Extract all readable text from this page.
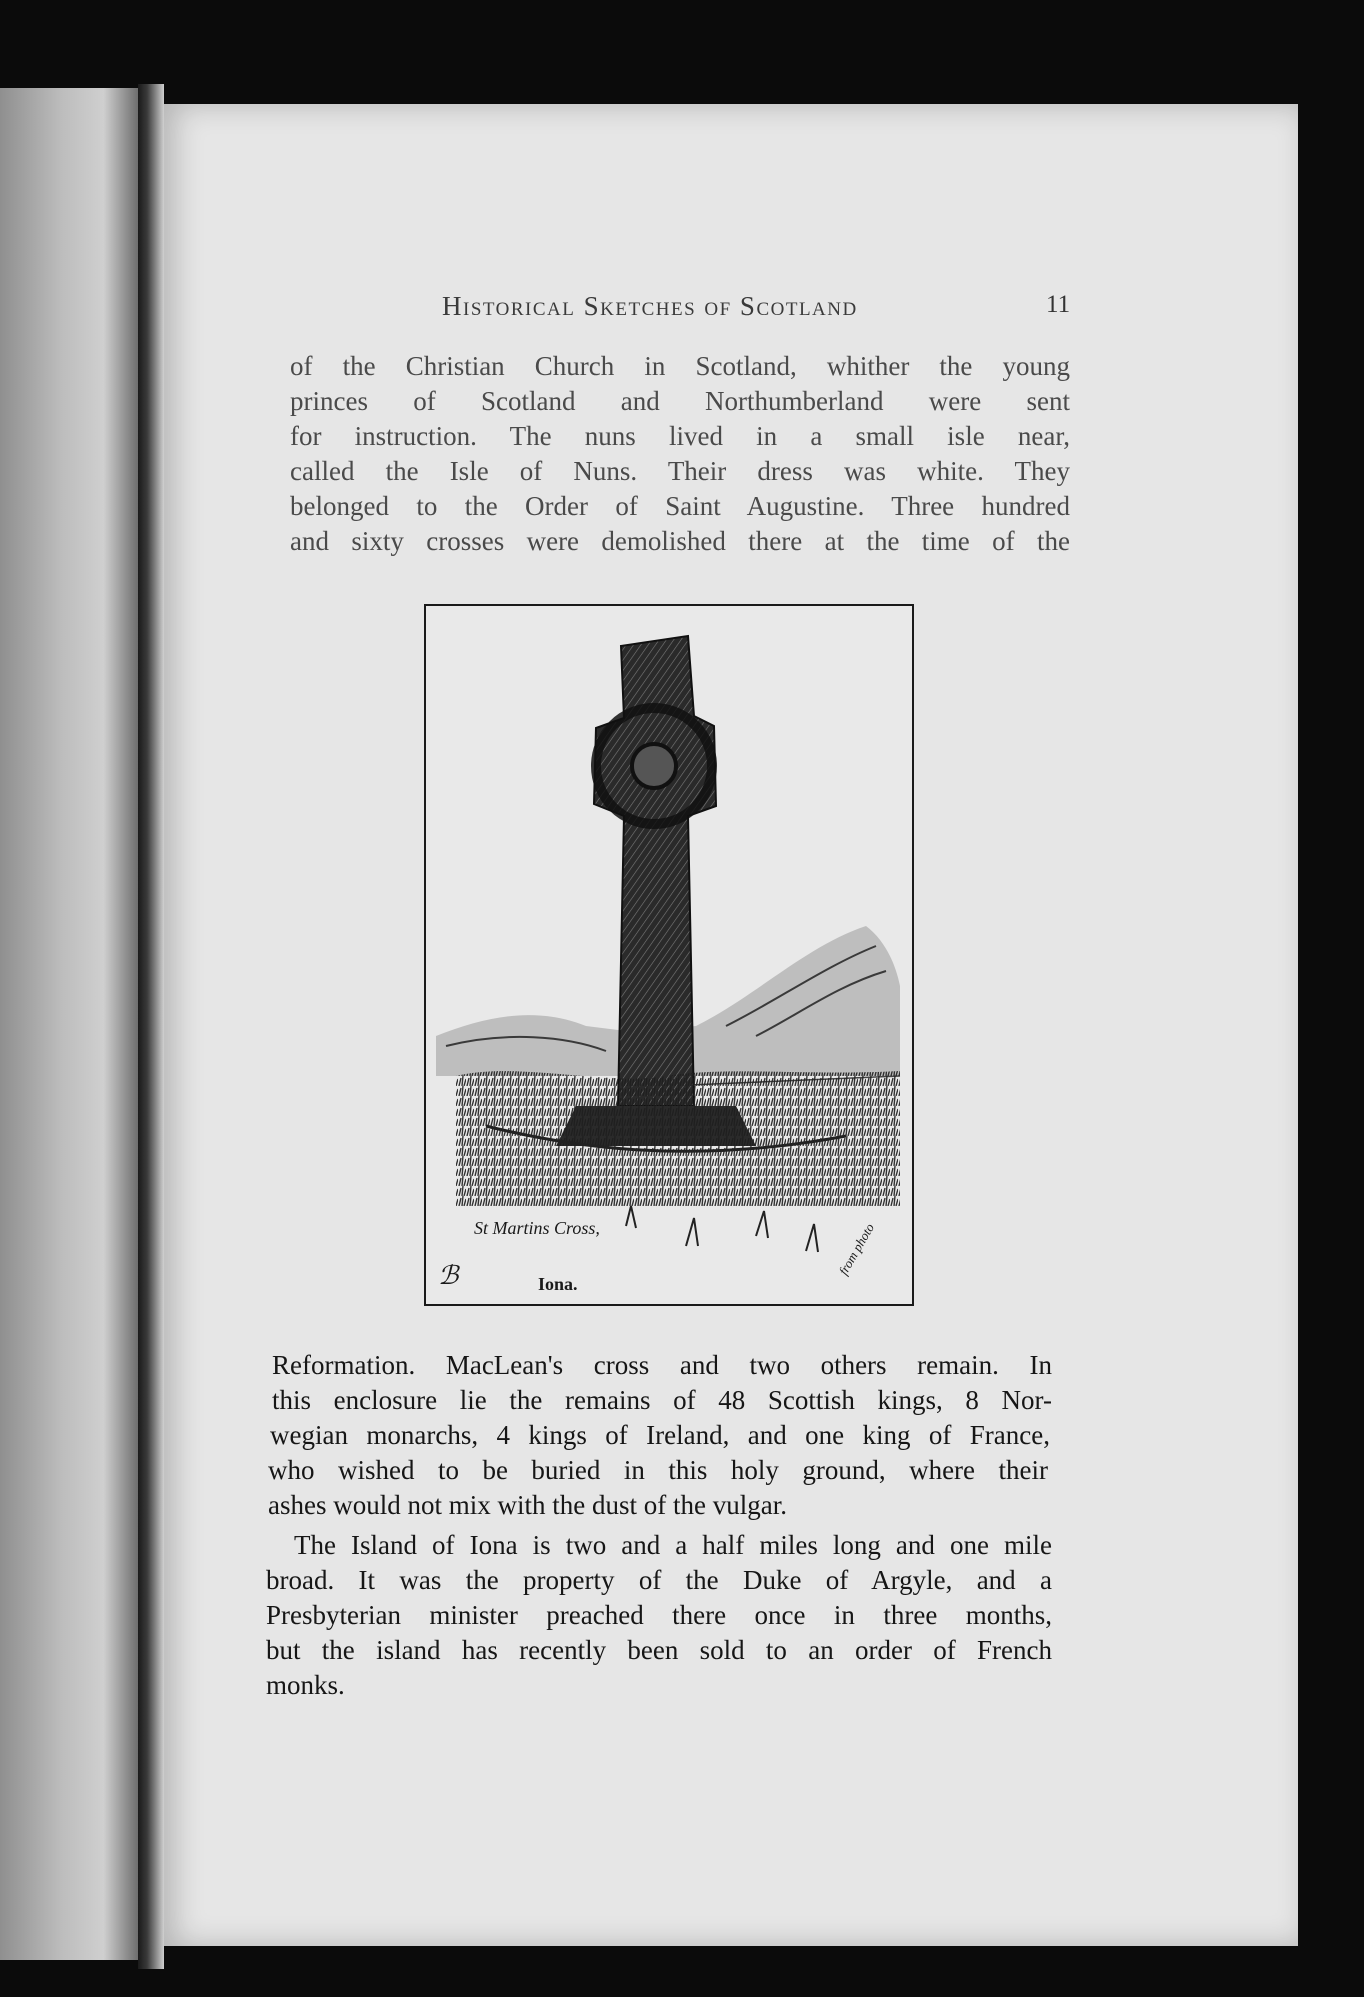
Historical Sketches of Scotland	11
of the Christian Church in Scotland, whither the young
princes of Scotland and Northumberland were sent
for instruction. The nuns lived in a small isle near,
called the Isle of Nuns. Their dress was white. They
belonged to the Order of Saint Augustine. Three hundred
and sixty crosses were demolished there at the time of the
ℬ
St Martins Cross,
Iona.
from photo
Reformation. MacLean's cross and two others remain. In
this enclosure lie the remains of 48 Scottish kings, 8 Nor-
wegian monarchs, 4 kings of Ireland, and one king of France,
who wished to be buried in this holy ground, where their
ashes would not mix with the dust of the vulgar.
The Island of Iona is two and a half miles long and one mile
broad. It was the property of the Duke of Argyle, and a
Presbyterian minister preached there once in three months,
but the island has recently been sold to an order of French
monks.
